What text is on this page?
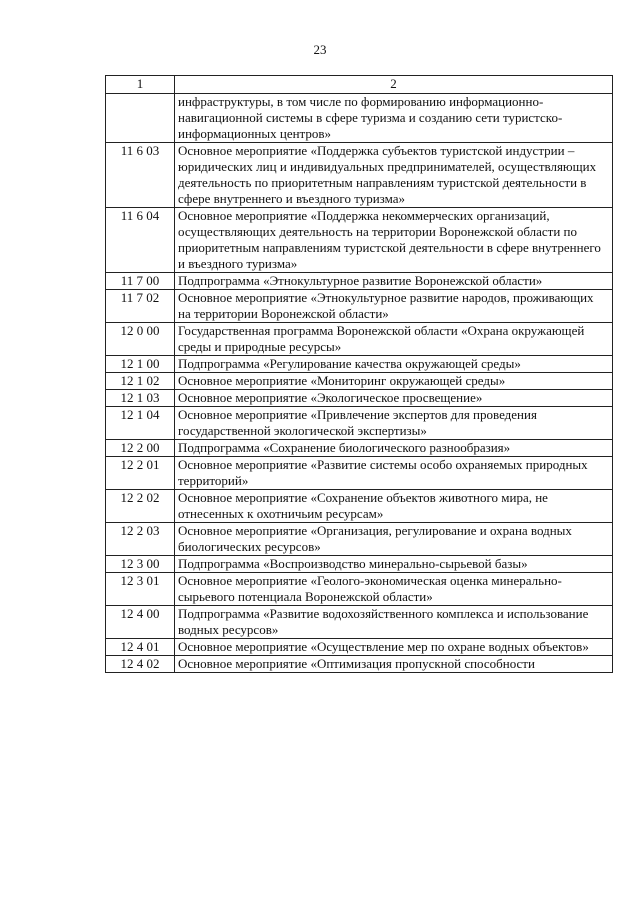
23
1	2
	инфраструктуры, в том числе по формированию информационно-навигационной системы в сфере туризма и созданию сети туристско-информационных центров»
11 6 03	Основное мероприятие «Поддержка субъектов туристской индустрии – юридических лиц и индивидуальных предпринимателей, осуществляющих деятельность по приоритетным направлениям туристской деятельности в сфере внутреннего и въездного туризма»
11 6 04	Основное мероприятие «Поддержка некоммерческих организаций, осуществляющих деятельность на территории Воронежской области по приоритетным направлениям туристской деятельности в сфере внутреннего и въездного туризма»
11 7 00	Подпрограмма «Этнокультурное развитие Воронежской области»
11 7 02	Основное мероприятие «Этнокультурное развитие народов, проживающих на территории Воронежской области»
12 0 00	Государственная программа Воронежской области «Охрана окружающей среды и природные ресурсы»
12 1 00	Подпрограмма «Регулирование качества окружающей среды»
12 1 02	Основное мероприятие «Мониторинг окружающей среды»
12 1 03	Основное мероприятие «Экологическое просвещение»
12 1 04	Основное мероприятие «Привлечение экспертов для проведения государственной экологической экспертизы»
12 2 00	Подпрограмма «Сохранение биологического разнообразия»
12 2 01	Основное мероприятие «Развитие системы особо охраняемых природных территорий»
12 2 02	Основное мероприятие «Сохранение объектов животного мира, не отнесенных к охотничьим ресурсам»
12 2 03	Основное мероприятие «Организация, регулирование и охрана водных биологических ресурсов»
12 3 00	Подпрограмма «Воспроизводство минерально-сырьевой базы»
12 3 01	Основное мероприятие «Геолого-экономическая оценка минерально-сырьевого потенциала Воронежской области»
12 4 00	Подпрограмма «Развитие водохозяйственного комплекса и использование водных ресурсов»
12 4 01	Основное мероприятие «Осуществление мер по охране водных объектов»
12 4 02	Основное мероприятие «Оптимизация пропускной способности
